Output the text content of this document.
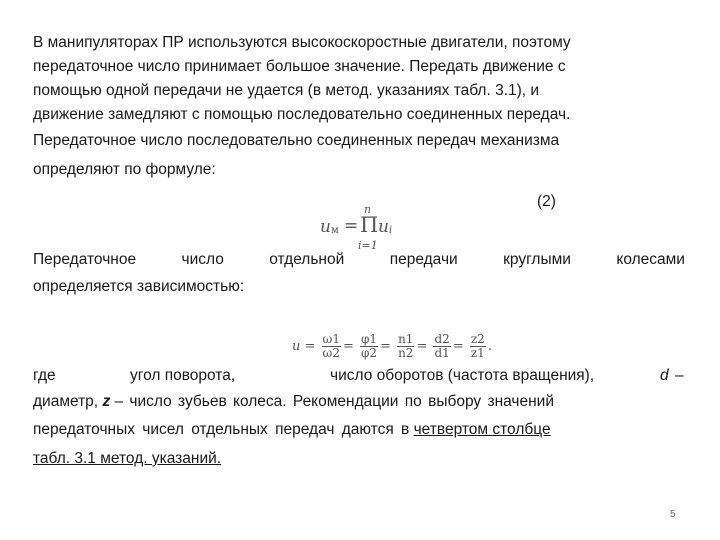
В манипуляторах ПР используются высокоскоростные двигатели, поэтому
передаточное число принимает большое значение. Передать движение с
помощью одной передачи не удается (в метод. указаниях табл. 3.1), и
движение замедляют с помощью последовательно соединенных передач.
Передаточное число последовательно соединенных передач механизма
определяют по формуле:
(2)
n
u м = Π u i
i=1
Передаточное	число	отдельной	передачи	круглыми	колесами
определяется зависимостью:
$u = \frac{\omega 1}{\omega 2} = \frac{\varphi 1}{\varphi 2} = \frac{n1}{n2} = \frac{d2}{d1} = \frac{z2}{z1}$ .
где	угол поворота,	число оборотов (частота вращения),	d –
диаметр, z – число зубьев колеса. Рекомендации по выбору значений
передаточных чисел отдельных передач даются в четвертом столбце
табл. 3.1 метод. указаний.
5
